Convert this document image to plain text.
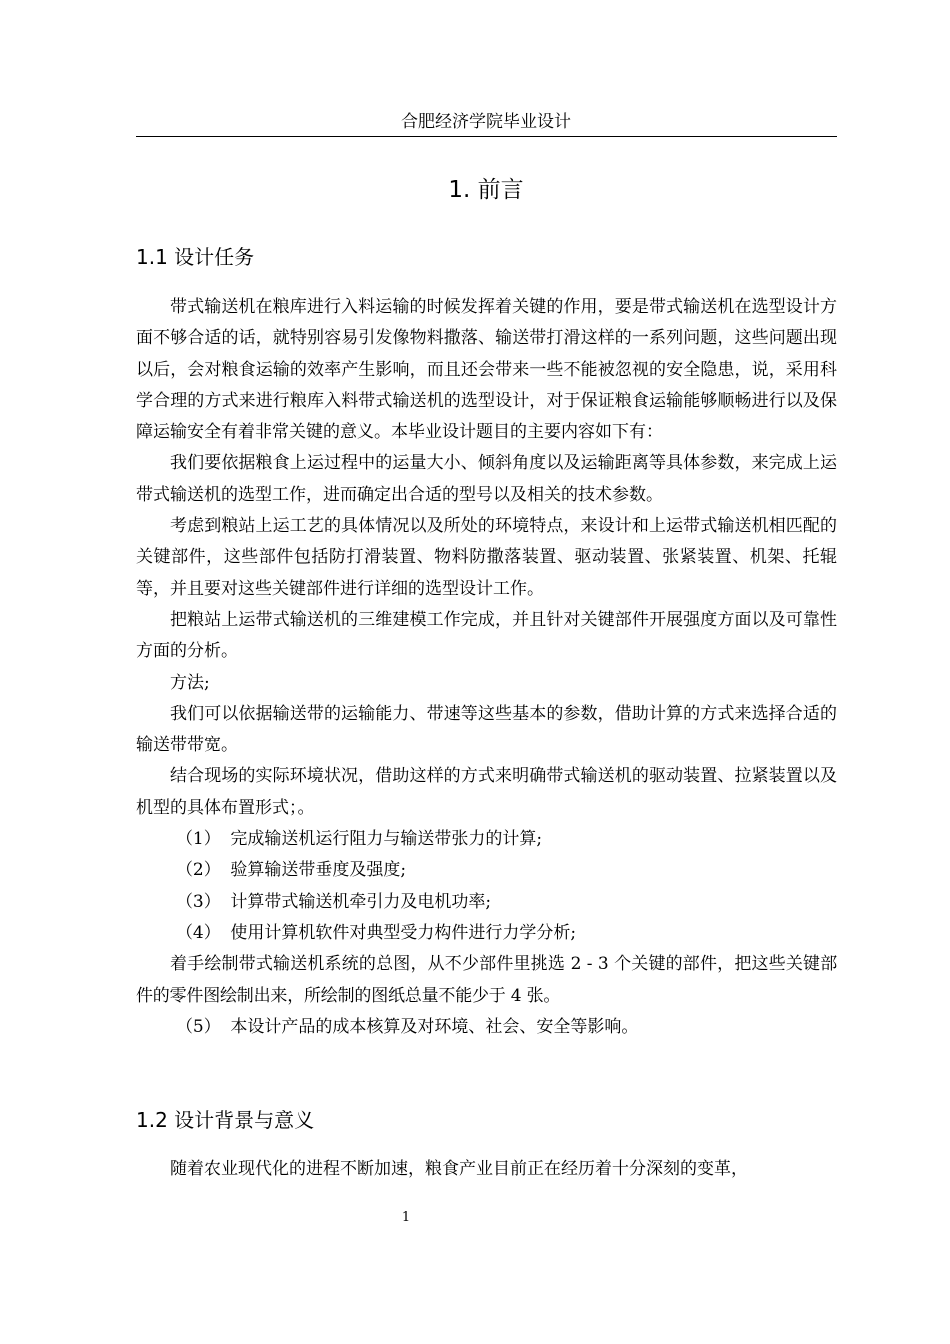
合肥经济学院毕业设计
1. 前言
1.1 设计任务

带式输送机在粮库进行入料运输的时候发挥着关键的作用，要是带式输送机在选型设计方面不够合适的话，就特别容易引发像物料撒落、输送带打滑这样的一系列问题，这些问题出现以后，会对粮食运输的效率产生影响，而且还会带来一些不能被忽视的安全隐患，说，采用科学合理的方式来进行粮库入料带式输送机的选型设计，对于保证粮食运输能够顺畅进行以及保障运输安全有着非常关键的意义。本毕业设计题目的主要内容如下有：

我们要依据粮食上运过程中的运量大小、倾斜角度以及运输距离等具体参数，来完成上运带式输送机的选型工作，进而确定出合适的型号以及相关的技术参数。

考虑到粮站上运工艺的具体情况以及所处的环境特点，来设计和上运带式输送机相匹配的关键部件，这些部件包括防打滑装置、物料防撒落装置、驱动装置、张紧装置、机架、托辊等，并且要对这些关键部件进行详细的选型设计工作。

把粮站上运带式输送机的三维建模工作完成，并且针对关键部件开展强度方面以及可靠性方面的分析。

方法;

我们可以依据输送带的运输能力、带速等这些基本的参数，借助计算的方式来选择合适的输送带带宽。

结合现场的实际环境状况，借助这样的方式来明确带式输送机的驱动装置、拉紧装置以及机型的具体布置形式；。

（1） 完成输送机运行阻力与输送带张力的计算;
（2） 验算输送带垂度及强度;
（3） 计算带式输送机牵引力及电机功率;
（4） 使用计算机软件对典型受力构件进行力学分析;

着手绘制带式输送机系统的总图，从不少部件里挑选 2 - 3 个关键的部件，把这些关键部件的零件图绘制出来，所绘制的图纸总量不能少于 4 张。

（5） 本设计产品的成本核算及对环境、社会、安全等影响。
1.2 设计背景与意义

随着农业现代化的进程不断加速，粮食产业目前正在经历着十分深刻的变革，

1
